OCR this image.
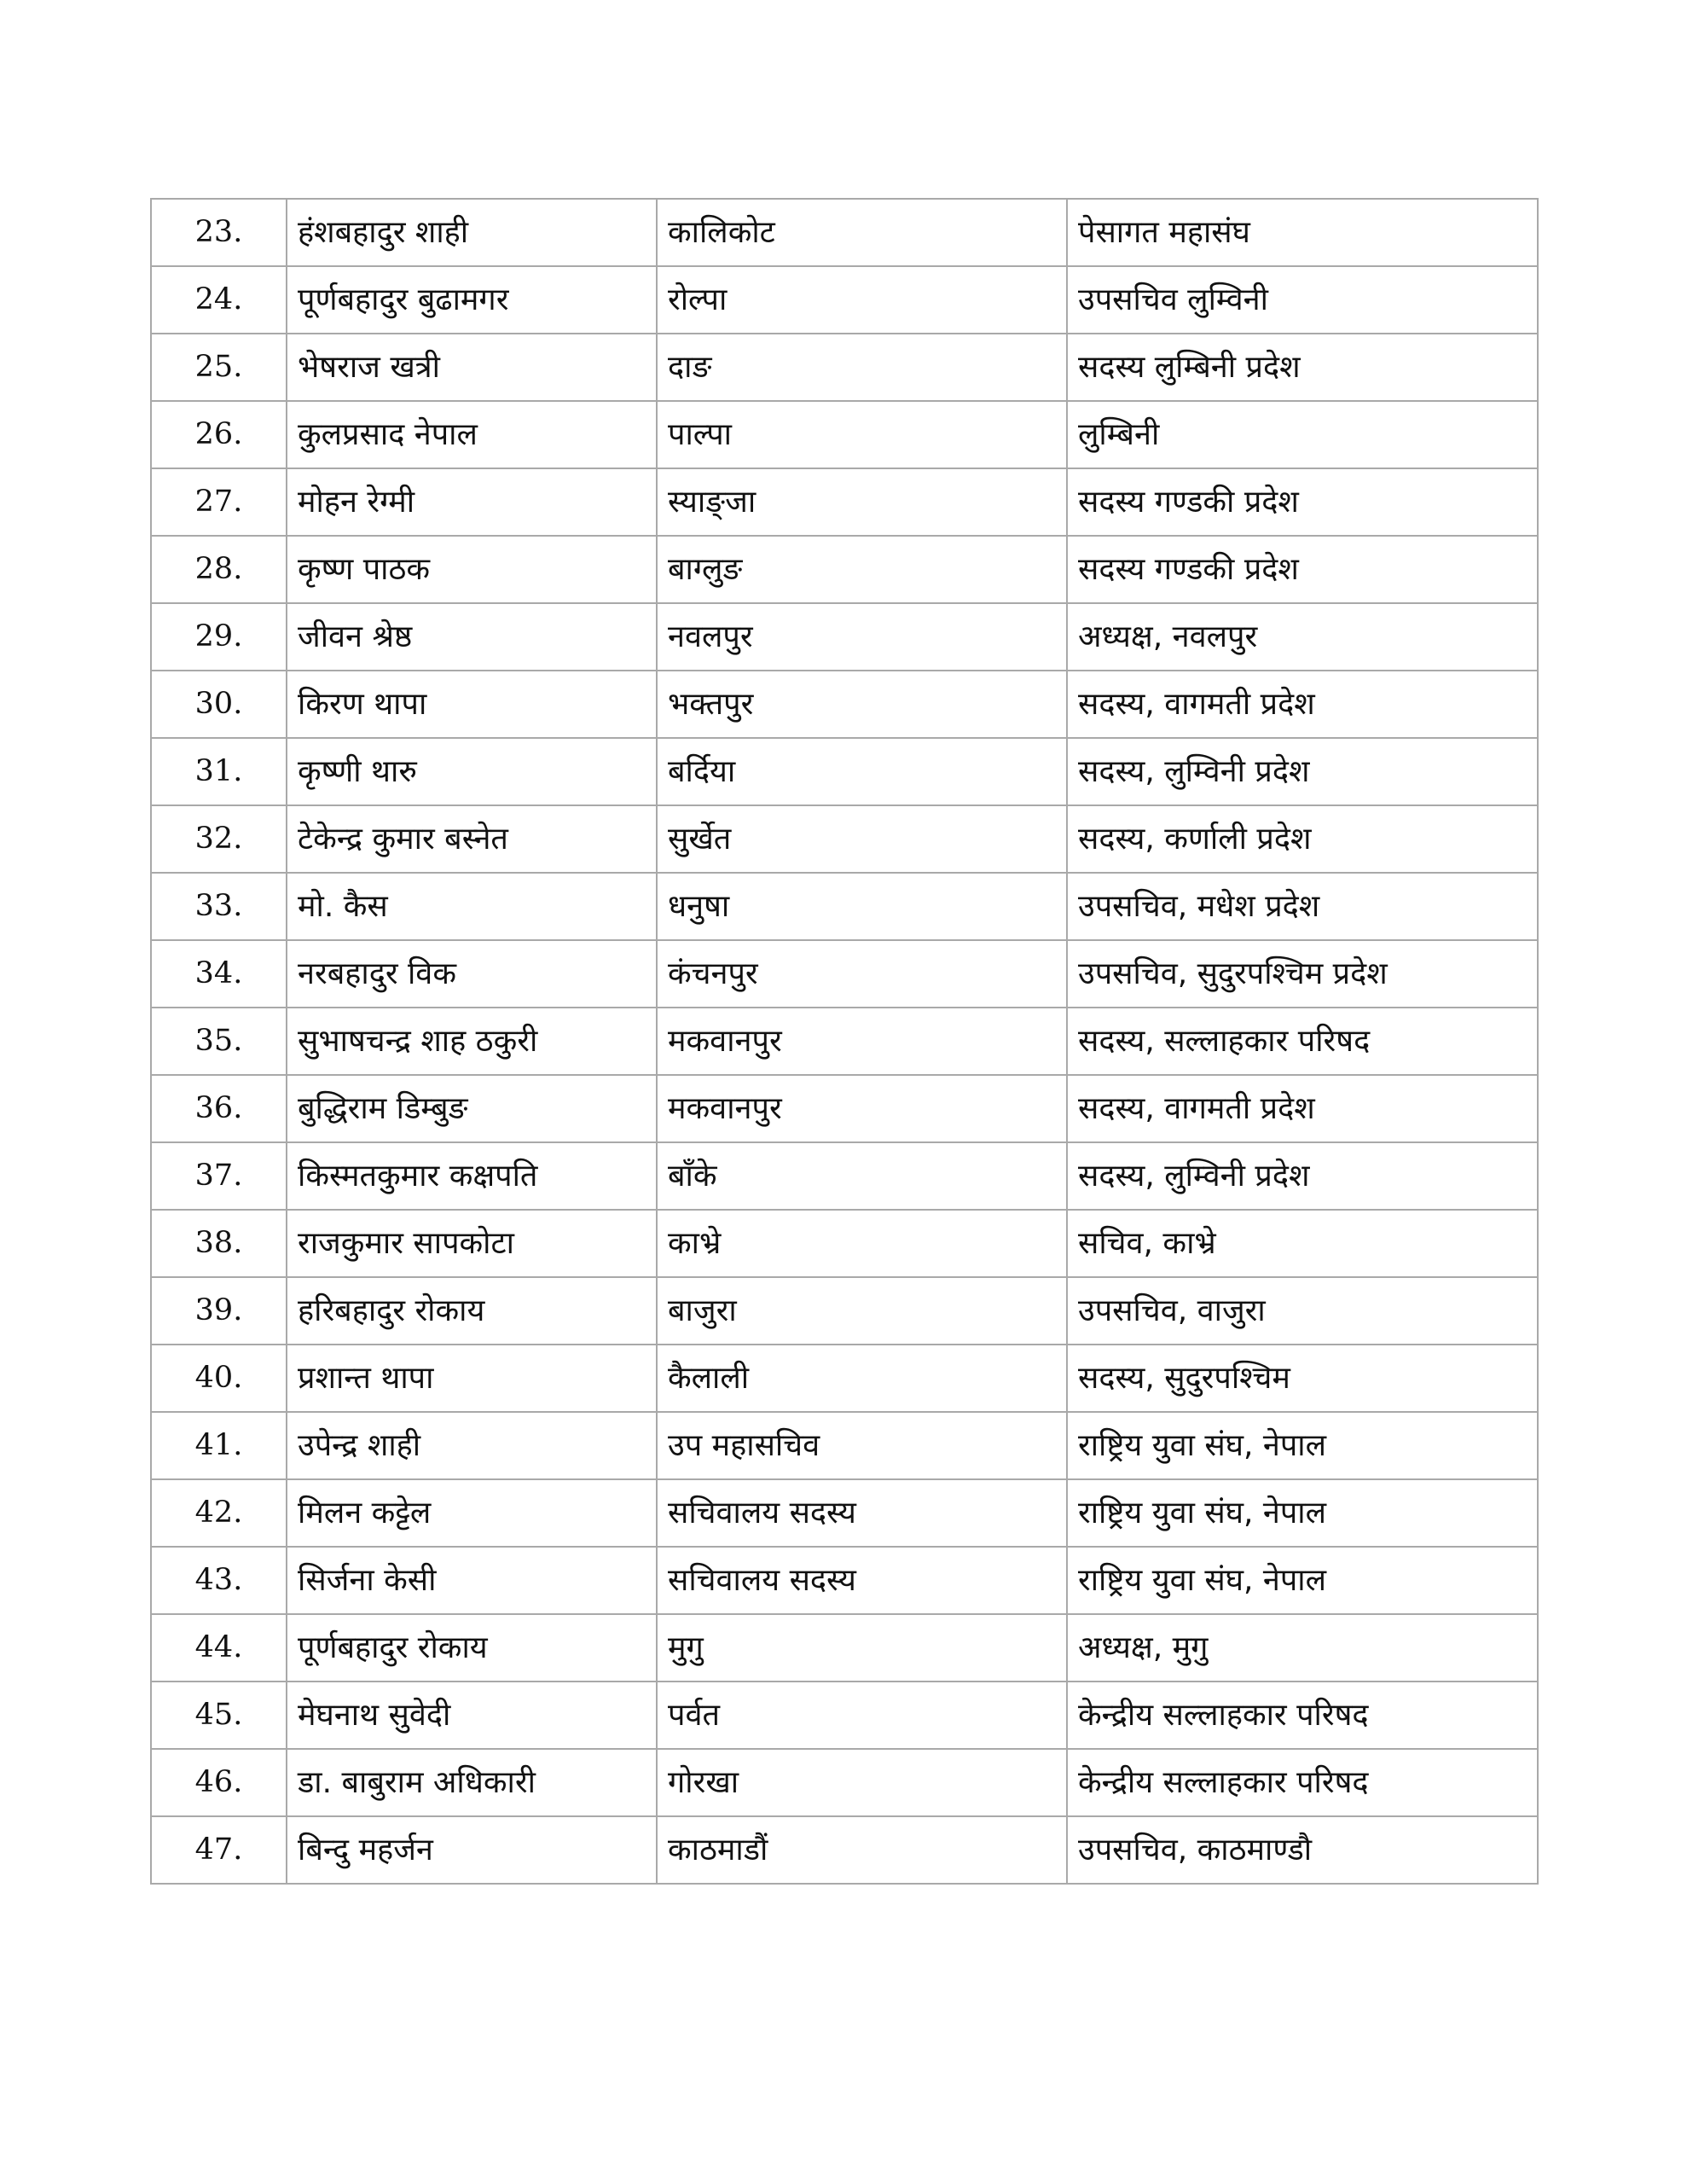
23.	हंशबहादुर शाही	कालिकोट	पेसागत महासंघ
24.	पूर्णबहादुर बुढामगर	रोल्पा	उपसचिव लुम्विनी
25.	भेषराज खत्री	दाङ	सदस्य लुम्बिनी प्रदेश
26.	कुलप्रसाद नेपाल	पाल्पा	लुम्बिनी
27.	मोहन रेग्मी	स्याङ्जा	सदस्य गण्डकी प्रदेश
28.	कृष्ण पाठक	बाग्लुङ	सदस्य गण्डकी प्रदेश
29.	जीवन श्रेष्ठ	नवलपुर	अध्यक्ष, नवलपुर
30.	किरण थापा	भक्तपुर	सदस्य, वागमती प्रदेश
31.	कृष्णी थारु	बर्दिया	सदस्य, लुम्विनी प्रदेश
32.	टेकेन्द्र कुमार बस्नेत	सुर्खेत	सदस्य, कर्णाली प्रदेश
33.	मो. कैस	धनुषा	उपसचिव, मधेश प्रदेश
34.	नरबहादुर विक	कंचनपुर	उपसचिव, सुदुरपश्चिम प्रदेश
35.	सुभाषचन्द्र शाह ठकुरी	मकवानपुर	सदस्य, सल्लाहकार परिषद
36.	बुद्धिराम डिम्बुङ	मकवानपुर	सदस्य, वागमती प्रदेश
37.	किस्मतकुमार कक्षपति	बाँके	सदस्य, लुम्विनी प्रदेश
38.	राजकुमार सापकोटा	काभ्रे	सचिव, काभ्रे
39.	हरिबहादुर रोकाय	बाजुरा	उपसचिव, वाजुरा
40.	प्रशान्त थापा	कैलाली	सदस्य, सुदुरपश्चिम
41.	उपेन्द्र शाही	उप महासचिव	राष्ट्रिय युवा संघ, नेपाल
42.	मिलन कट्टेल	सचिवालय सदस्य	राष्ट्रिय युवा संघ, नेपाल
43.	सिर्जना केसी	सचिवालय सदस्य	राष्ट्रिय युवा संघ, नेपाल
44.	पूर्णबहादुर रोकाय	मुगु	अध्यक्ष, मुगु
45.	मेघनाथ सुवेदी	पर्वत	केन्द्रीय सल्लाहकार परिषद
46.	डा. बाबुराम अधिकारी	गोरखा	केन्द्रीय सल्लाहकार परिषद
47.	बिन्दु महर्जन	काठमाडौं	उपसचिव, काठमाण्डौ
